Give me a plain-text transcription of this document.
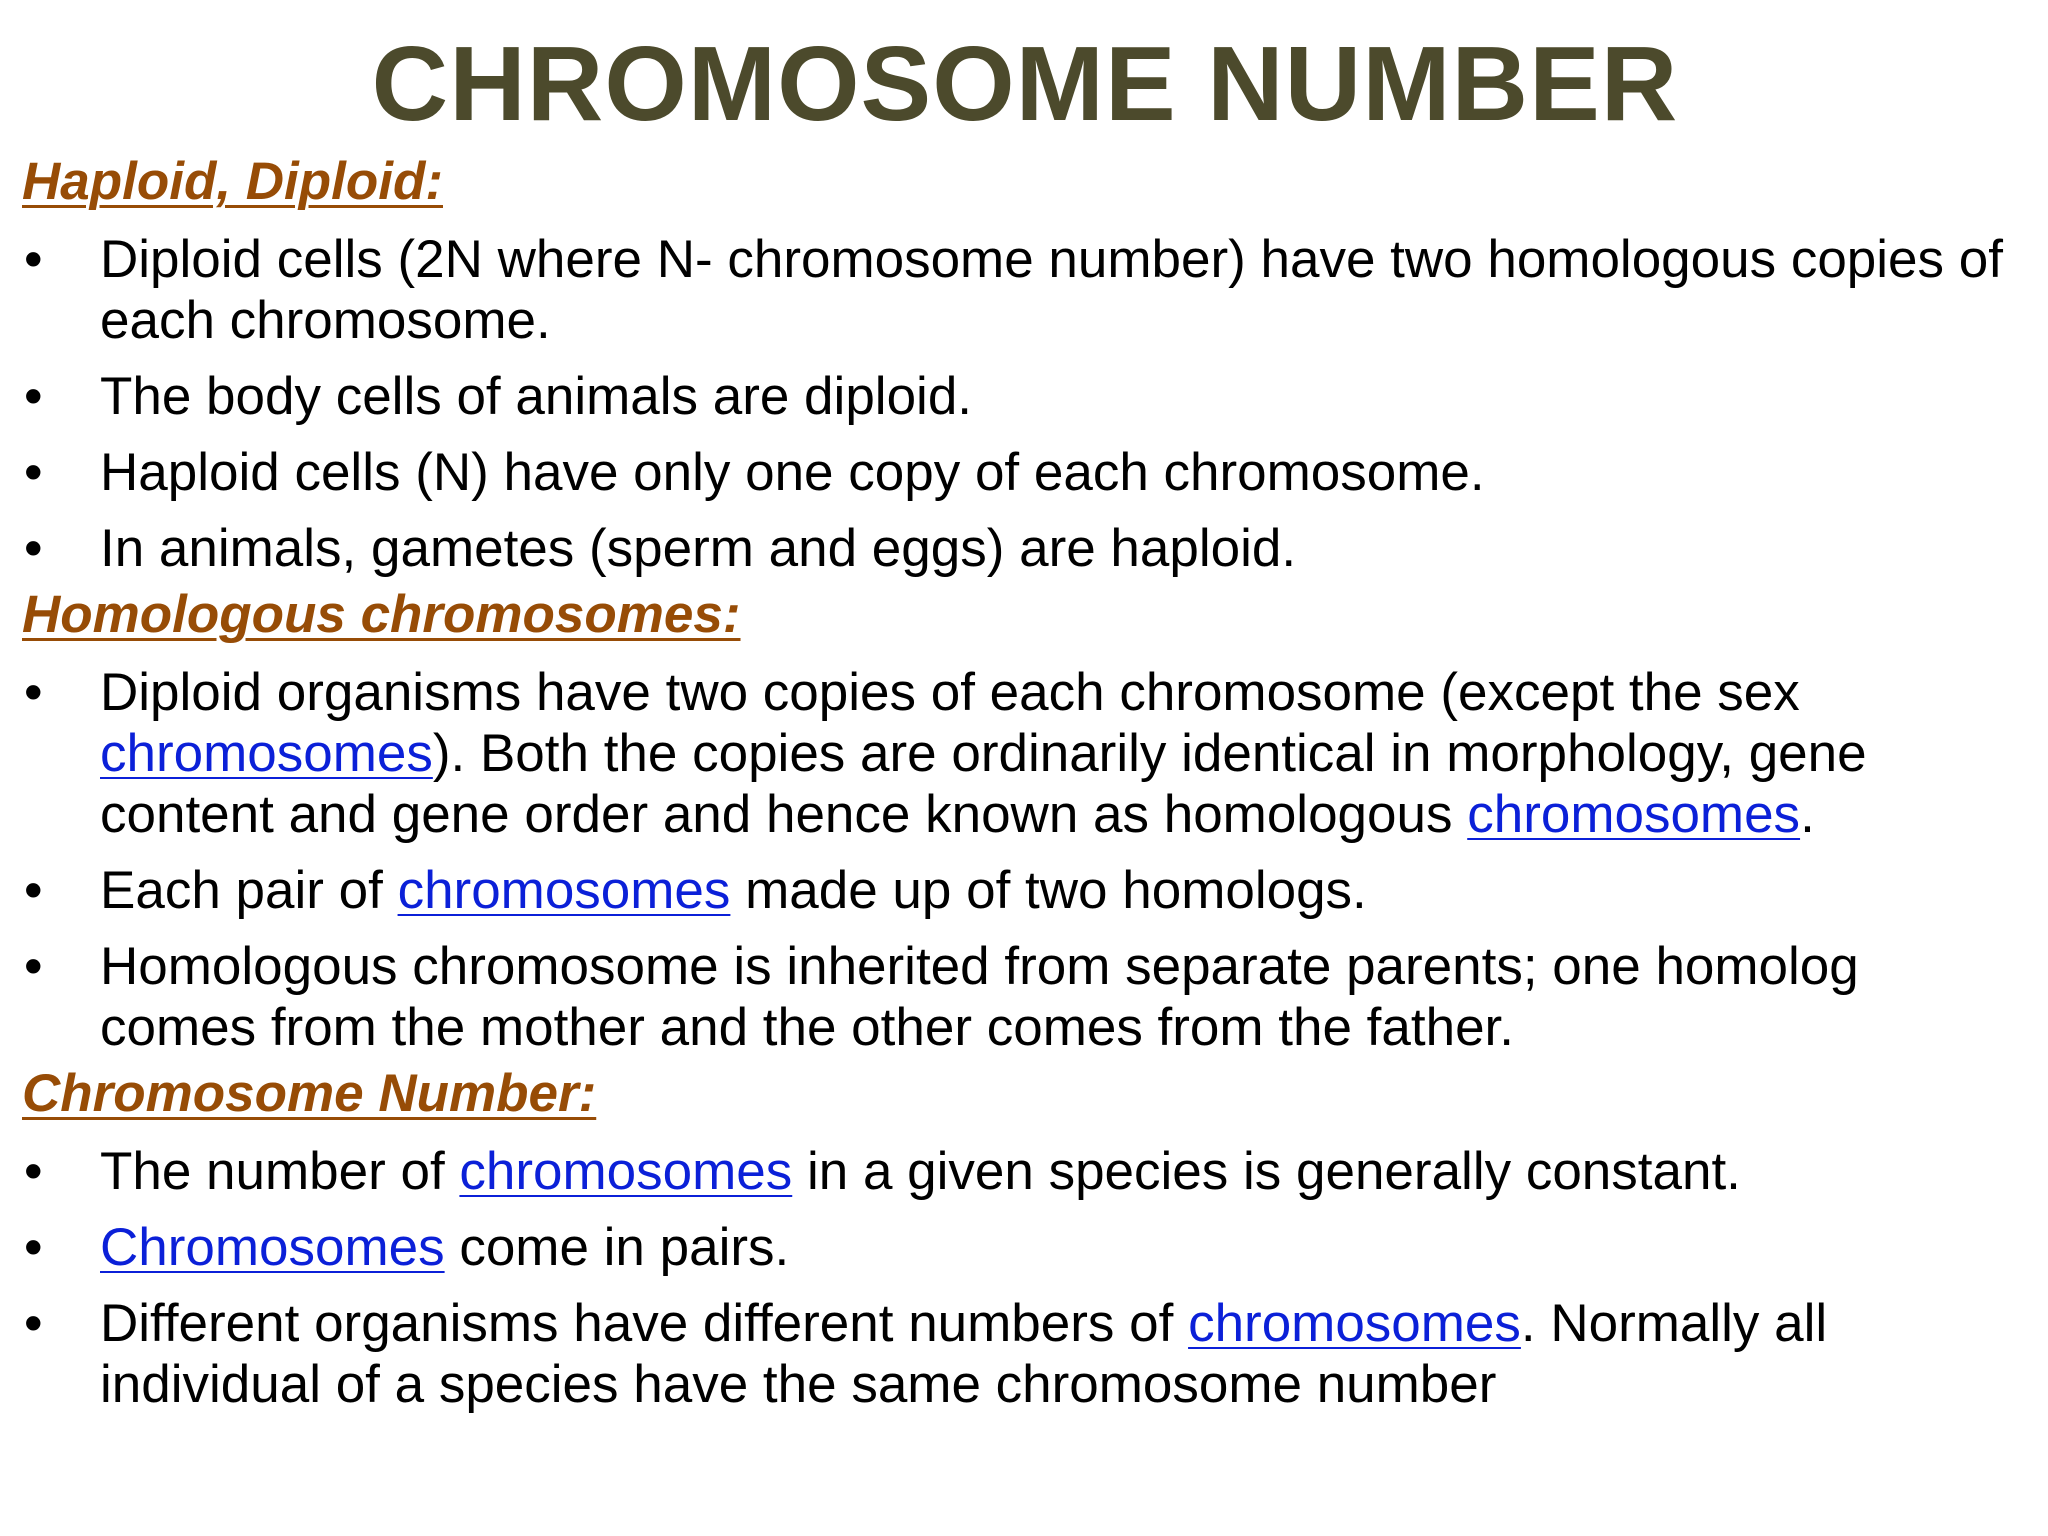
CHROMOSOME NUMBER
Haploid, Diploid:
• Diploid cells (2N where N- chromosome number) have two homologous copies of each chromosome.
• The body cells of animals are diploid.
• Haploid cells (N) have only one copy of each chromosome.
• In animals, gametes (sperm and eggs) are haploid.
Homologous chromosomes:
• Diploid organisms have two copies of each chromosome (except the sex chromosomes). Both the copies are ordinarily identical in morphology, gene content and gene order and hence known as homologous chromosomes.
• Each pair of chromosomes made up of two homologs.
• Homologous chromosome is inherited from separate parents; one homolog comes from the mother and the other comes from the father.
Chromosome Number:
• The number of chromosomes in a given species is generally constant.
• Chromosomes come in pairs.
• Different organisms have different numbers of chromosomes. Normally all individual of a species have the same chromosome number
